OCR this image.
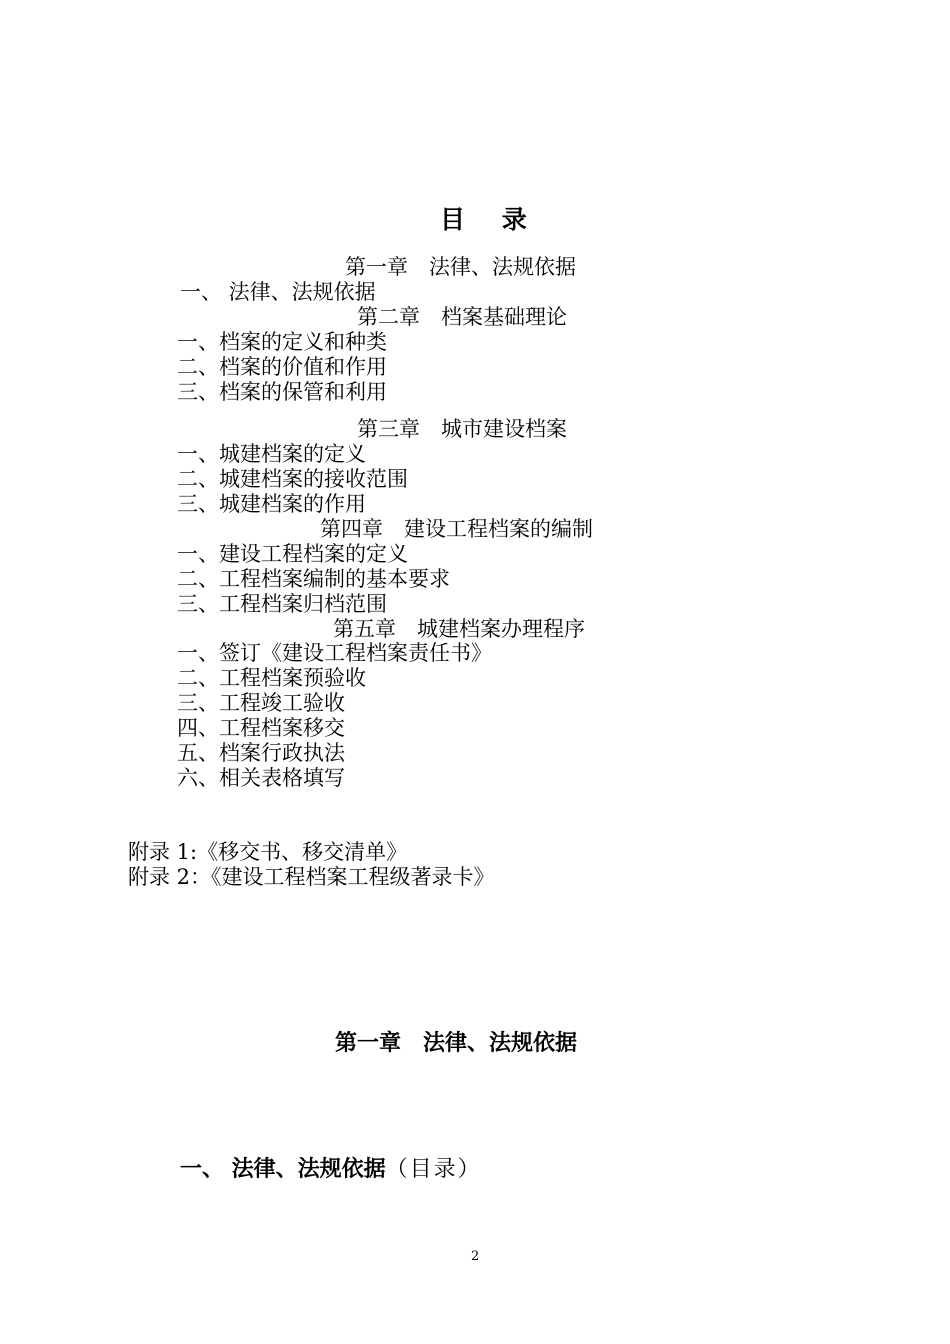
目 录
第一章　法律、法规依据
一、 法律、法规依据
第二章　档案基础理论
一、档案的定义和种类
二、档案的价值和作用
三、档案的保管和利用
第三章　城市建设档案
一、城建档案的定义
二、城建档案的接收范围
三、城建档案的作用
第四章　建设工程档案的编制
一、建设工程档案的定义
二、工程档案编制的基本要求
三、工程档案归档范围
第五章　城建档案办理程序
一、签订《建设工程档案责任书》
二、工程档案预验收
三、工程竣工验收
四、工程档案移交
五、档案行政执法
六、相关表格填写
附录 1:《移交书、移交清单》
附录 2：《建设工程档案工程级著录卡》
第一章　法律、法规依据
一、 法律、法规依据（目录）
2
